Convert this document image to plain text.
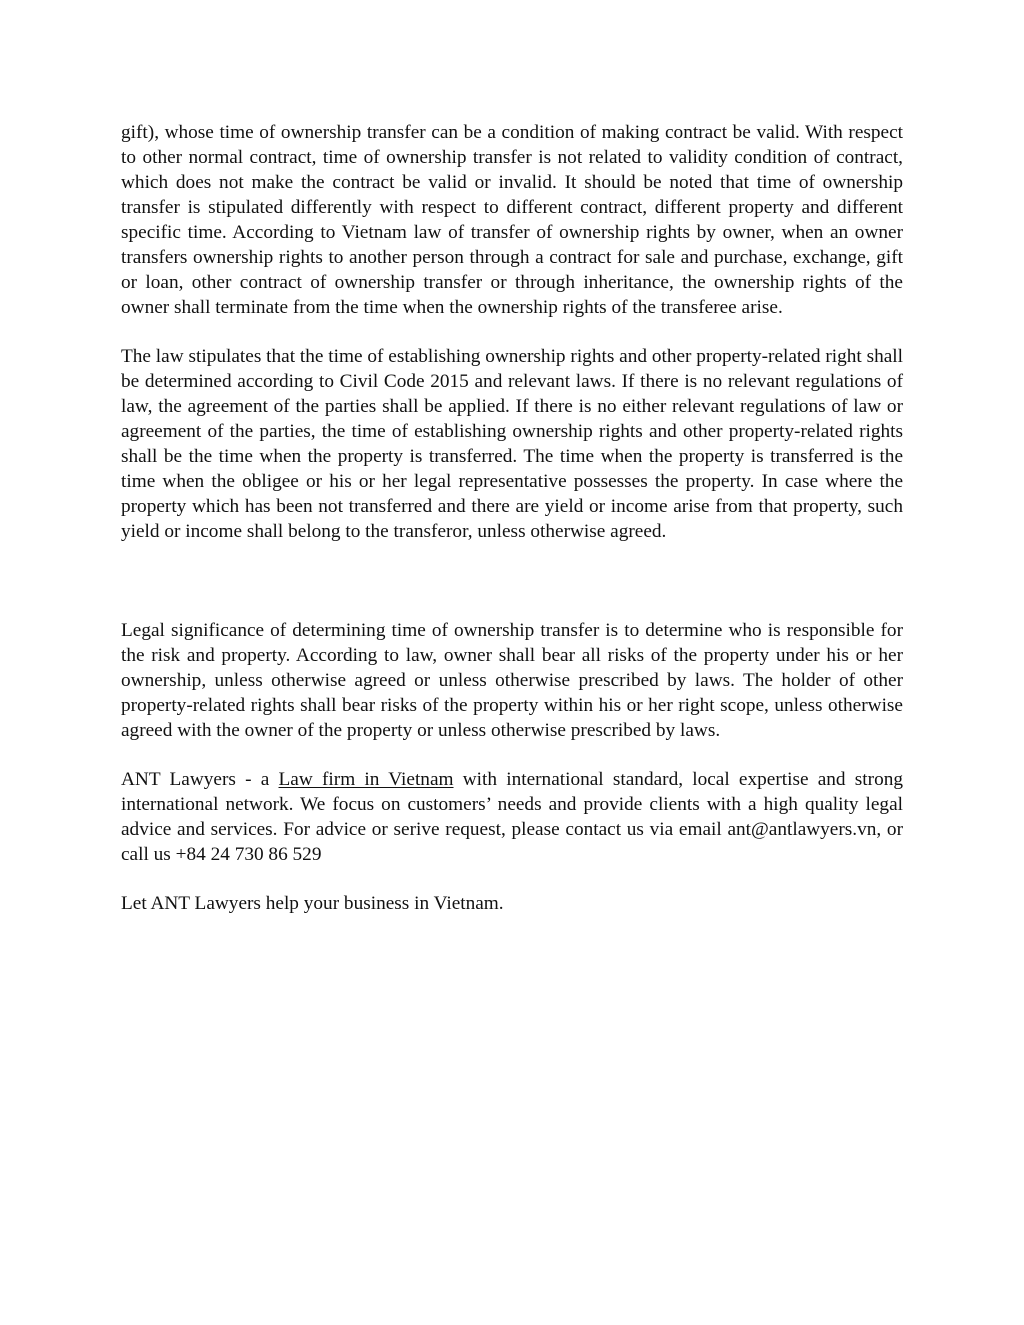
gift), whose time of ownership transfer can be a condition of making contract be valid. With respect to other normal contract, time of ownership transfer is not related to validity condition of contract, which does not make the contract be valid or invalid. It should be noted that time of ownership transfer is stipulated differently with respect to different contract, different property and different specific time. According to Vietnam law of transfer of ownership rights by owner, when an owner transfers ownership rights to another person through a contract for sale and purchase, exchange, gift or loan, other contract of ownership transfer or through inheritance, the ownership rights of the owner shall terminate from the time when the ownership rights of the transferee arise.

The law stipulates that the time of establishing ownership rights and other property-related right shall be determined according to Civil Code 2015 and relevant laws. If there is no relevant regulations of law, the agreement of the parties shall be applied. If there is no either relevant regulations of law or agreement of the parties, the time of establishing ownership rights and other property-related rights shall be the time when the property is transferred. The time when the property is transferred is the time when the obligee or his or her legal representative possesses the property. In case where the property which has been not transferred and there are yield or income arise from that property, such yield or income shall belong to the transferor, unless otherwise agreed.

Legal significance of determining time of ownership transfer is to determine who is responsible for the risk and property. According to law, owner shall bear all risks of the property under his or her ownership, unless otherwise agreed or unless otherwise prescribed by laws. The holder of other property-related rights shall bear risks of the property within his or her right scope, unless otherwise agreed with the owner of the property or unless otherwise prescribed by laws.

ANT Lawyers - a Law firm in Vietnam with international standard, local expertise and strong international network. We focus on customers’ needs and provide clients with a high quality legal advice and services. For advice or serive request, please contact us via email ant@antlawyers.vn, or call us +84 24 730 86 529

Let ANT Lawyers help your business in Vietnam.
